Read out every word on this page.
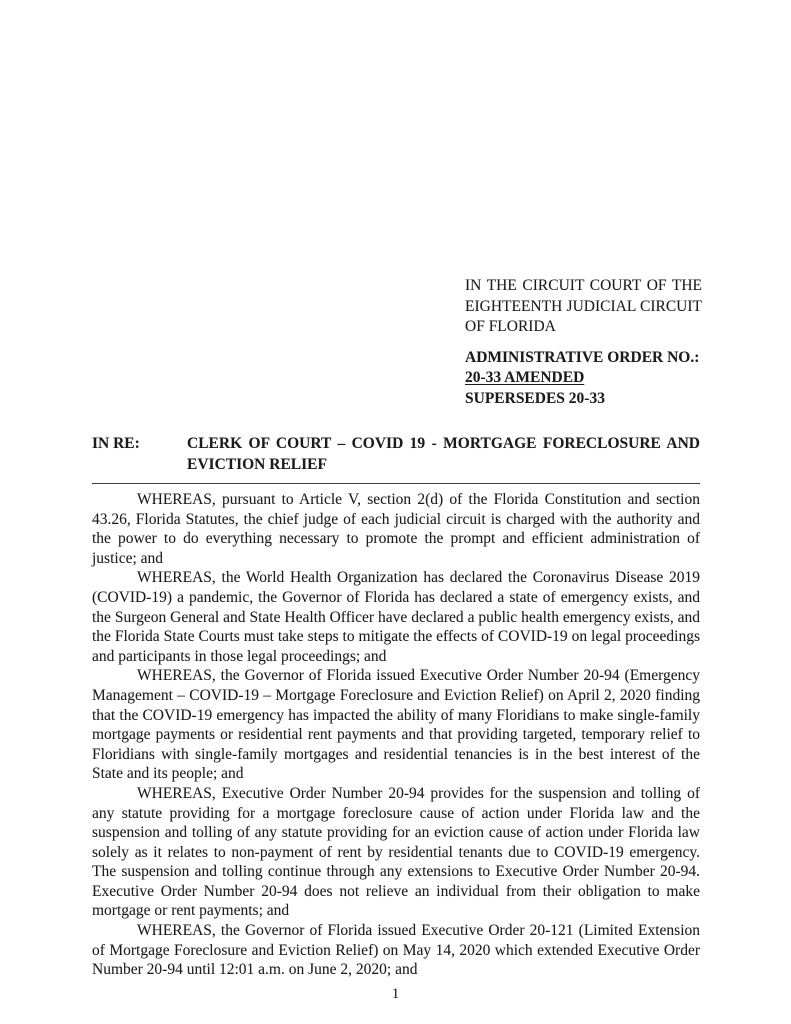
IN THE CIRCUIT COURT OF THE EIGHTEENTH JUDICIAL CIRCUIT OF FLORIDA

ADMINISTRATIVE ORDER NO.:

20-33 AMENDED

SUPERSEDES 20-33

IN RE:	CLERK OF COURT – COVID 19 - MORTGAGE FORECLOSURE AND EVICTION RELIEF

WHEREAS, pursuant to Article V, section 2(d) of the Florida Constitution and section 43.26, Florida Statutes, the chief judge of each judicial circuit is charged with the authority and the power to do everything necessary to promote the prompt and efficient administration of justice; and

WHEREAS, the World Health Organization has declared the Coronavirus Disease 2019 (COVID-19) a pandemic, the Governor of Florida has declared a state of emergency exists, and the Surgeon General and State Health Officer have declared a public health emergency exists, and the Florida State Courts must take steps to mitigate the effects of COVID-19 on legal proceedings and participants in those legal proceedings; and

WHEREAS, the Governor of Florida issued Executive Order Number 20-94 (Emergency Management – COVID-19 – Mortgage Foreclosure and Eviction Relief) on April 2, 2020 finding that the COVID-19 emergency has impacted the ability of many Floridians to make single-family mortgage payments or residential rent payments and that providing targeted, temporary relief to Floridians with single-family mortgages and residential tenancies is in the best interest of the State and its people; and

WHEREAS, Executive Order Number 20-94 provides for the suspension and tolling of any statute providing for a mortgage foreclosure cause of action under Florida law and the suspension and tolling of any statute providing for an eviction cause of action under Florida law solely as it relates to non-payment of rent by residential tenants due to COVID-19 emergency. The suspension and tolling continue through any extensions to Executive Order Number 20-94. Executive Order Number 20-94 does not relieve an individual from their obligation to make mortgage or rent payments; and

WHEREAS, the Governor of Florida issued Executive Order 20-121 (Limited Extension of Mortgage Foreclosure and Eviction Relief) on May 14, 2020 which extended Executive Order Number 20-94 until 12:01 a.m. on June 2, 2020; and

1
